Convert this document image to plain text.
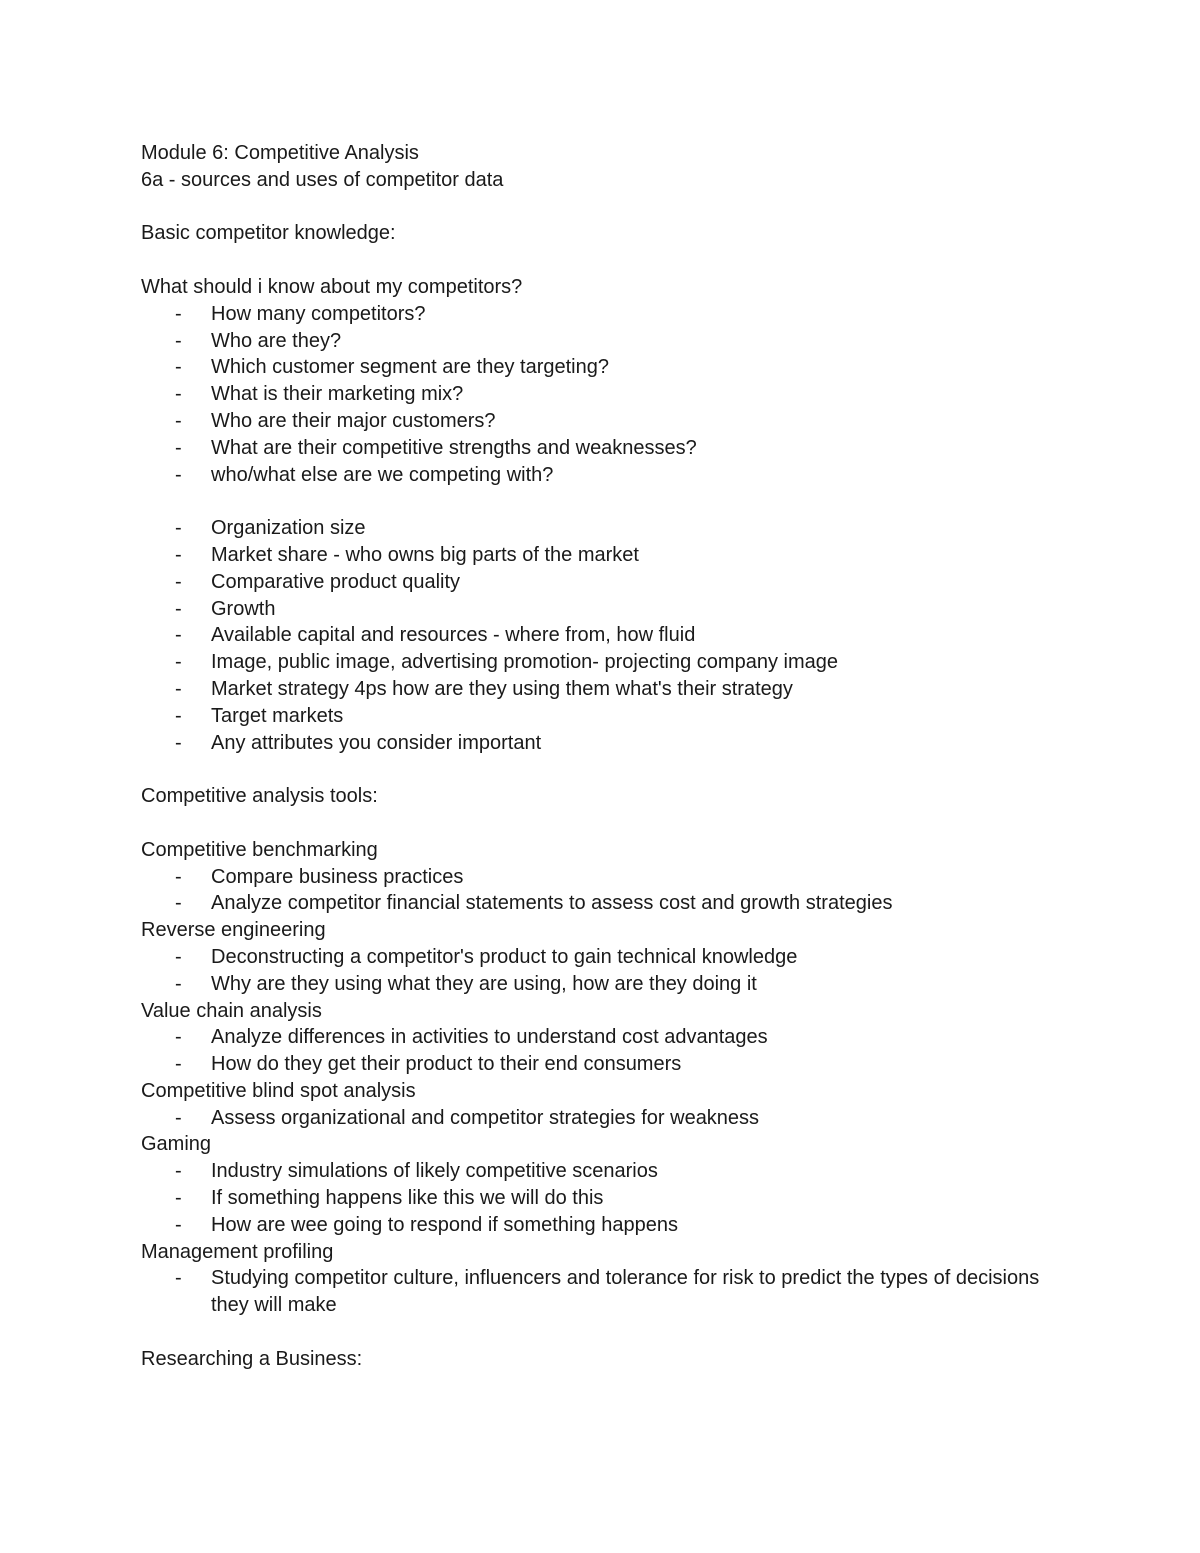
Module 6: Competitive Analysis
6a - sources and uses of competitor data
Basic competitor knowledge:
What should i know about my competitors?
- How many competitors?
- Who are they?
- Which customer segment are they targeting?
- What is their marketing mix?
- Who are their major customers?
- What are their competitive strengths and weaknesses?
- who/what else are we competing with?
- Organization size
- Market share - who owns big parts of the market
- Comparative product quality
- Growth
- Available capital and resources - where from, how fluid
- Image, public image, advertising promotion- projecting company image
- Market strategy 4ps how are they using them what's their strategy
- Target markets
- Any attributes you consider important
Competitive analysis tools:
Competitive benchmarking
- Compare business practices
- Analyze competitor financial statements to assess cost and growth strategies
Reverse engineering
- Deconstructing a competitor's product to gain technical knowledge
- Why are they using what they are using, how are they doing it
Value chain analysis
- Analyze differences in activities to understand cost advantages
- How do they get their product to their end consumers
Competitive blind spot analysis
- Assess organizational and competitor strategies for weakness
Gaming
- Industry simulations of likely competitive scenarios
- If something happens like this we will do this
- How are wee going to respond if something happens
Management profiling
- Studying competitor culture, influencers and tolerance for risk to predict the types of decisions they will make
Researching a Business:
